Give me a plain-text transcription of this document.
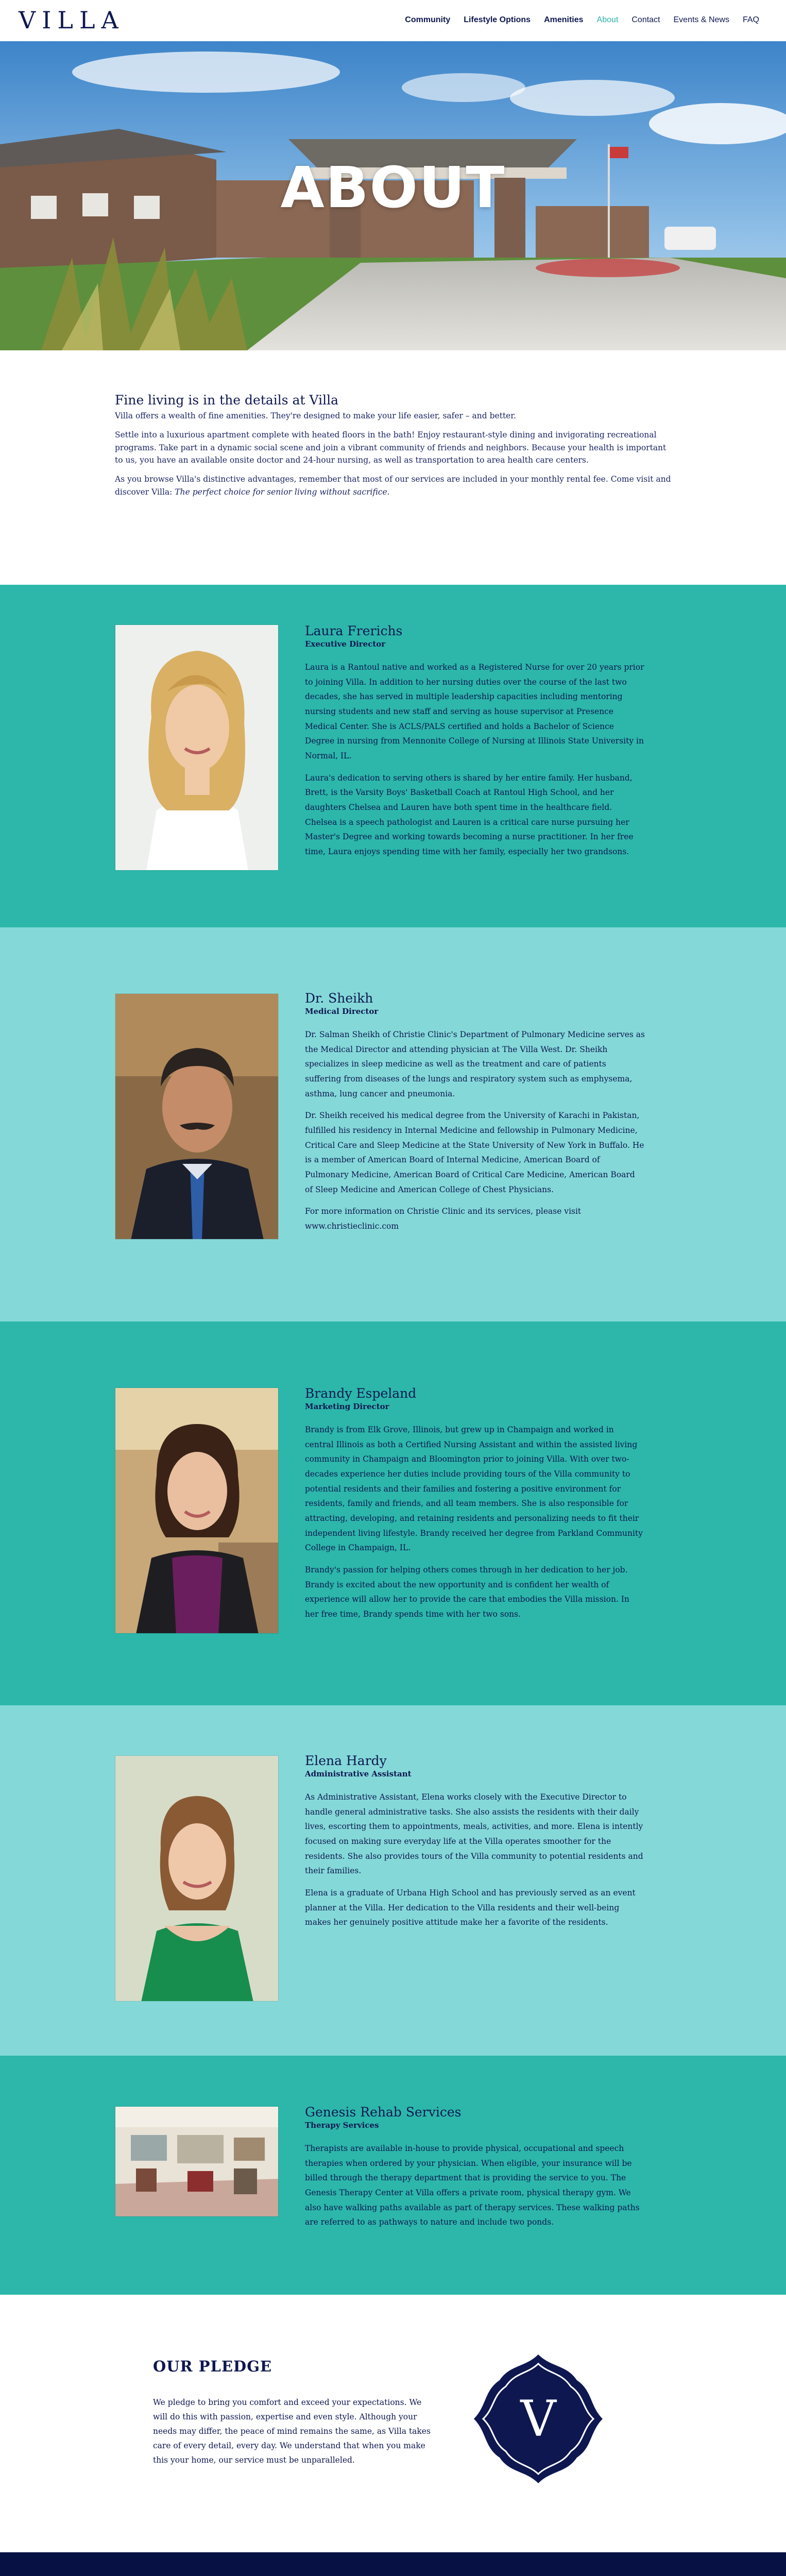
VILLA	Community Lifestyle Options Amenities About Contact Events & News FAQ
ABOUT
Fine living is in the details at Villa

Villa offers a wealth of fine amenities. They're designed to make your life easier, safer – and better.

Settle into a luxurious apartment complete with heated floors in the bath! Enjoy restaurant-style dining and invigorating recreational programs. Take part in a dynamic social scene and join a vibrant community of friends and neighbors. Because your health is important to us, you have an available onsite doctor and 24-hour nursing, as well as transportation to area health care centers.

As you browse Villa's distinctive advantages, remember that most of our services are included in your monthly rental fee. Come visit and discover Villa: The perfect choice for senior living without sacrifice.

Laura Frerichs
Executive Director

Laura is a Rantoul native and worked as a Registered Nurse for over 20 years prior to joining Villa. In addition to her nursing duties over the course of the last two decades, she has served in multiple leadership capacities including mentoring nursing students and new staff and serving as house supervisor at Presence Medical Center. She is ACLS/PALS certified and holds a Bachelor of Science Degree in nursing from Mennonite College of Nursing at Illinois State University in Normal, IL.

Laura's dedication to serving others is shared by her entire family. Her husband, Brett, is the Varsity Boys' Basketball Coach at Rantoul High School, and her daughters Chelsea and Lauren have both spent time in the healthcare field. Chelsea is a speech pathologist and Lauren is a critical care nurse pursuing her Master's Degree and working towards becoming a nurse practitioner. In her free time, Laura enjoys spending time with her family, especially her two grandsons.

Dr. Sheikh
Medical Director

Dr. Salman Sheikh of Christie Clinic's Department of Pulmonary Medicine serves as the Medical Director and attending physician at The Villa West. Dr. Sheikh specializes in sleep medicine as well as the treatment and care of patients suffering from diseases of the lungs and respiratory system such as emphysema, asthma, lung cancer and pneumonia.

Dr. Sheikh received his medical degree from the University of Karachi in Pakistan, fulfilled his residency in Internal Medicine and fellowship in Pulmonary Medicine, Critical Care and Sleep Medicine at the State University of New York in Buffalo. He is a member of American Board of Internal Medicine, American Board of Pulmonary Medicine, American Board of Critical Care Medicine, American Board of Sleep Medicine and American College of Chest Physicians.

For more information on Christie Clinic and its services, please visit www.christieclinic.com

Brandy Espeland
Marketing Director

Brandy is from Elk Grove, Illinois, but grew up in Champaign and worked in central Illinois as both a Certified Nursing Assistant and within the assisted living community in Champaign and Bloomington prior to joining Villa. With over two-decades experience her duties include providing tours of the Villa community to potential residents and their families and fostering a positive environment for residents, family and friends, and all team members. She is also responsible for attracting, developing, and retaining residents and personalizing needs to fit their independent living lifestyle. Brandy received her degree from Parkland Community College in Champaign, IL.

Brandy's passion for helping others comes through in her dedication to her job. Brandy is excited about the new opportunity and is confident her wealth of experience will allow her to provide the care that embodies the Villa mission. In her free time, Brandy spends time with her two sons.

Elena Hardy
Administrative Assistant

As Administrative Assistant, Elena works closely with the Executive Director to handle general administrative tasks. She also assists the residents with their daily lives, escorting them to appointments, meals, activities, and more. Elena is intently focused on making sure everyday life at the Villa operates smoother for the residents. She also provides tours of the Villa community to potential residents and their families.

Elena is a graduate of Urbana High School and has previously served as an event planner at the Villa. Her dedication to the Villa residents and their well-being makes her genuinely positive attitude make her a favorite of the residents.

Genesis Rehab Services
Therapy Services

Therapists are available in-house to provide physical, occupational and speech therapies when ordered by your physician. When eligible, your insurance will be billed through the therapy department that is providing the service to you. The Genesis Therapy Center at Villa offers a private room, physical therapy gym. We also have walking paths available as part of therapy services. These walking paths are referred to as pathways to nature and include two ponds.

OUR PLEDGE

We pledge to bring you comfort and exceed your expectations. We will do this with passion, expertise and even style. Although your needs may differ, the peace of mind remains the same, as Villa takes care of every detail, every day. We understand that when you make this your home, our service must be unparalleled.

V
